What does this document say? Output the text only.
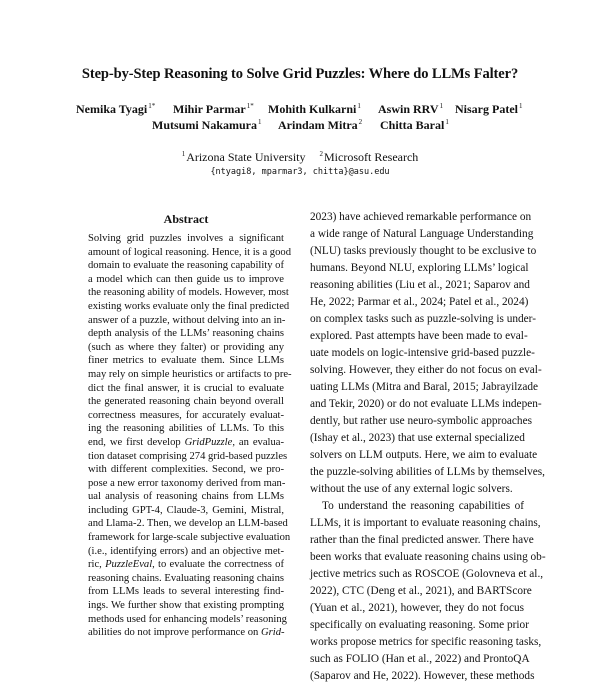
Step-by-Step Reasoning to Solve Grid Puzzles: Where do LLMs Falter?
Nemika Tyagi$^{1*}$ Mihir Parmar$^{1*}$ Mohith Kulkarni$^1$ Aswin RRV$^1$ Nisarg Patel$^1$
Mutsumi Nakamura$^1$ Arindam Mitra$^2$ Chitta Baral$^1$
$^1$Arizona State University $^2$Microsoft Research
{ntyagi8, mparmar3, chitta}@asu.edu
Abstract
Solving grid puzzles involves a significant
amount of logical reasoning. Hence, it is a good
domain to evaluate the reasoning capability of
a model which can then guide us to improve
the reasoning ability of models. However, most
existing works evaluate only the final predicted
answer of a puzzle, without delving into an in-
depth analysis of the LLMs’ reasoning chains
(such as where they falter) or providing any
finer metrics to evaluate them. Since LLMs
may rely on simple heuristics or artifacts to pre-
dict the final answer, it is crucial to evaluate
the generated reasoning chain beyond overall
correctness measures, for accurately evaluat-
ing the reasoning abilities of LLMs. To this
end, we first develop GridPuzzle, an evalua-
tion dataset comprising 274 grid-based puzzles
with different complexities. Second, we pro-
pose a new error taxonomy derived from man-
ual analysis of reasoning chains from LLMs
including GPT-4, Claude-3, Gemini, Mistral,
and Llama-2. Then, we develop an LLM-based
framework for large-scale subjective evaluation
(i.e., identifying errors) and an objective met-
ric, PuzzleEval, to evaluate the correctness of
reasoning chains. Evaluating reasoning chains
from LLMs leads to several interesting find-
ings. We further show that existing prompting
methods used for enhancing models’ reasoning
abilities do not improve performance on Grid-
2023) have achieved remarkable performance on
a wide range of Natural Language Understanding
(NLU) tasks previously thought to be exclusive to
humans. Beyond NLU, exploring LLMs’ logical
reasoning abilities (Liu et al., 2021; Saparov and
He, 2022; Parmar et al., 2024; Patel et al., 2024)
on complex tasks such as puzzle-solving is under-
explored. Past attempts have been made to eval-
uate models on logic-intensive grid-based puzzle-
solving. However, they either do not focus on eval-
uating LLMs (Mitra and Baral, 2015; Jabrayilzade
and Tekir, 2020) or do not evaluate LLMs indepen-
dently, but rather use neuro-symbolic approaches
(Ishay et al., 2023) that use external specialized
solvers on LLM outputs. Here, we aim to evaluate
the puzzle-solving abilities of LLMs by themselves,
without the use of any external logic solvers.
To understand the reasoning capabilities of
LLMs, it is important to evaluate reasoning chains,
rather than the final predicted answer. There have
been works that evaluate reasoning chains using ob-
jective metrics such as ROSCOE (Golovneva et al.,
2022), CTC (Deng et al., 2021), and BARTScore
(Yuan et al., 2021), however, they do not focus
specifically on evaluating reasoning. Some prior
works propose metrics for specific reasoning tasks,
such as FOLIO (Han et al., 2022) and ProntoQA
(Saparov and He, 2022). However, these methods
